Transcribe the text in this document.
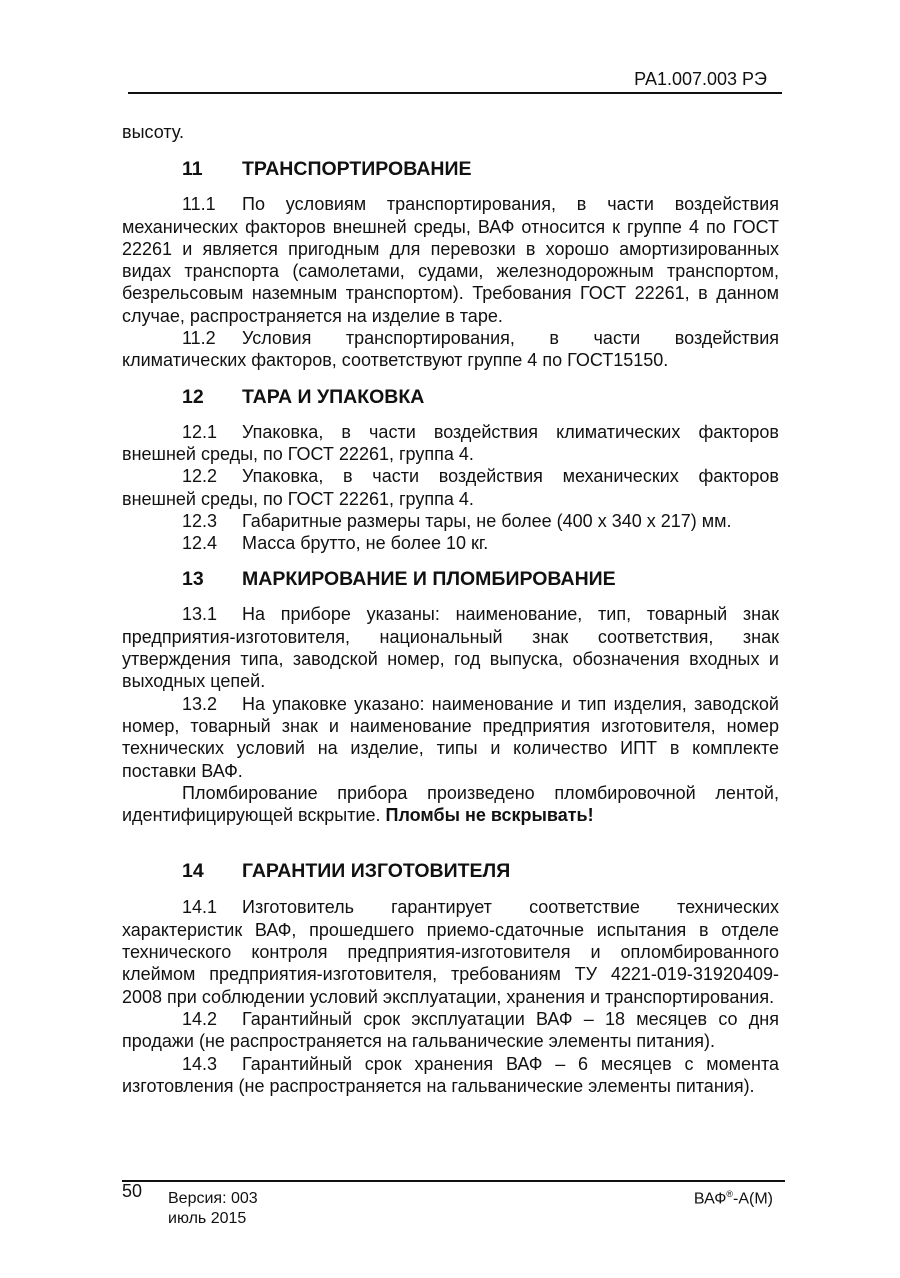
РА1.007.003 РЭ

высоту.

11	ТРАНСПОРТИРОВАНИЕ

11.1 По условиям транспортирования, в части воздействия механических факторов внешней среды, ВАФ относится к группе 4 по ГОСТ 22261 и является пригодным для перевозки в хорошо амортизированных видах транспорта (самолетами, судами, железнодорожным транспортом, безрельсовым наземным транспортом). Требования ГОСТ 22261, в данном случае, распространяется на изделие в таре.

11.2 Условия транспортирования, в части воздействия климатических факторов, соответствуют группе 4 по ГОСТ15150.

12	ТАРА И УПАКОВКА

12.1 Упаковка, в части воздействия климатических факторов внешней среды, по ГОСТ 22261, группа 4.

12.2 Упаковка, в части воздействия механических факторов внешней среды, по ГОСТ 22261, группа 4.

12.3 Габаритные размеры тары, не более (400 х 340 х 217) мм.

12.4 Масса брутто, не более 10 кг.

13	МАРКИРОВАНИЕ И ПЛОМБИРОВАНИЕ

13.1 На приборе указаны: наименование, тип, товарный знак предприятия-изготовителя, национальный знак соответствия, знак утверждения типа, заводской номер, год выпуска, обозначения входных и выходных цепей.

13.2 На упаковке указано: наименование и тип изделия, заводской номер, товарный знак и наименование предприятия изготовителя, номер технических условий на изделие, типы и количество ИПТ в комплекте поставки ВАФ.

Пломбирование прибора произведено пломбировочной лентой, идентифицирующей вскрытие. Пломбы не вскрывать!

14	ГАРАНТИИ ИЗГОТОВИТЕЛЯ

14.1 Изготовитель гарантирует соответствие технических характеристик ВАФ, прошедшего приемо-сдаточные испытания в отделе технического контроля предприятия-изготовителя и опломбированного клеймом предприятия-изготовителя, требованиям ТУ 4221-019-31920409-2008 при соблюдении условий эксплуатации, хранения и транспортирования.

14.2 Гарантийный срок эксплуатации ВАФ – 18 месяцев со дня продажи (не распространяется на гальванические элементы питания).

14.3 Гарантийный срок хранения ВАФ – 6 месяцев с момента изготовления (не распространяется на гальванические элементы питания).

50 Версия: 003
июль 2015
ВАФ®-А(М)
